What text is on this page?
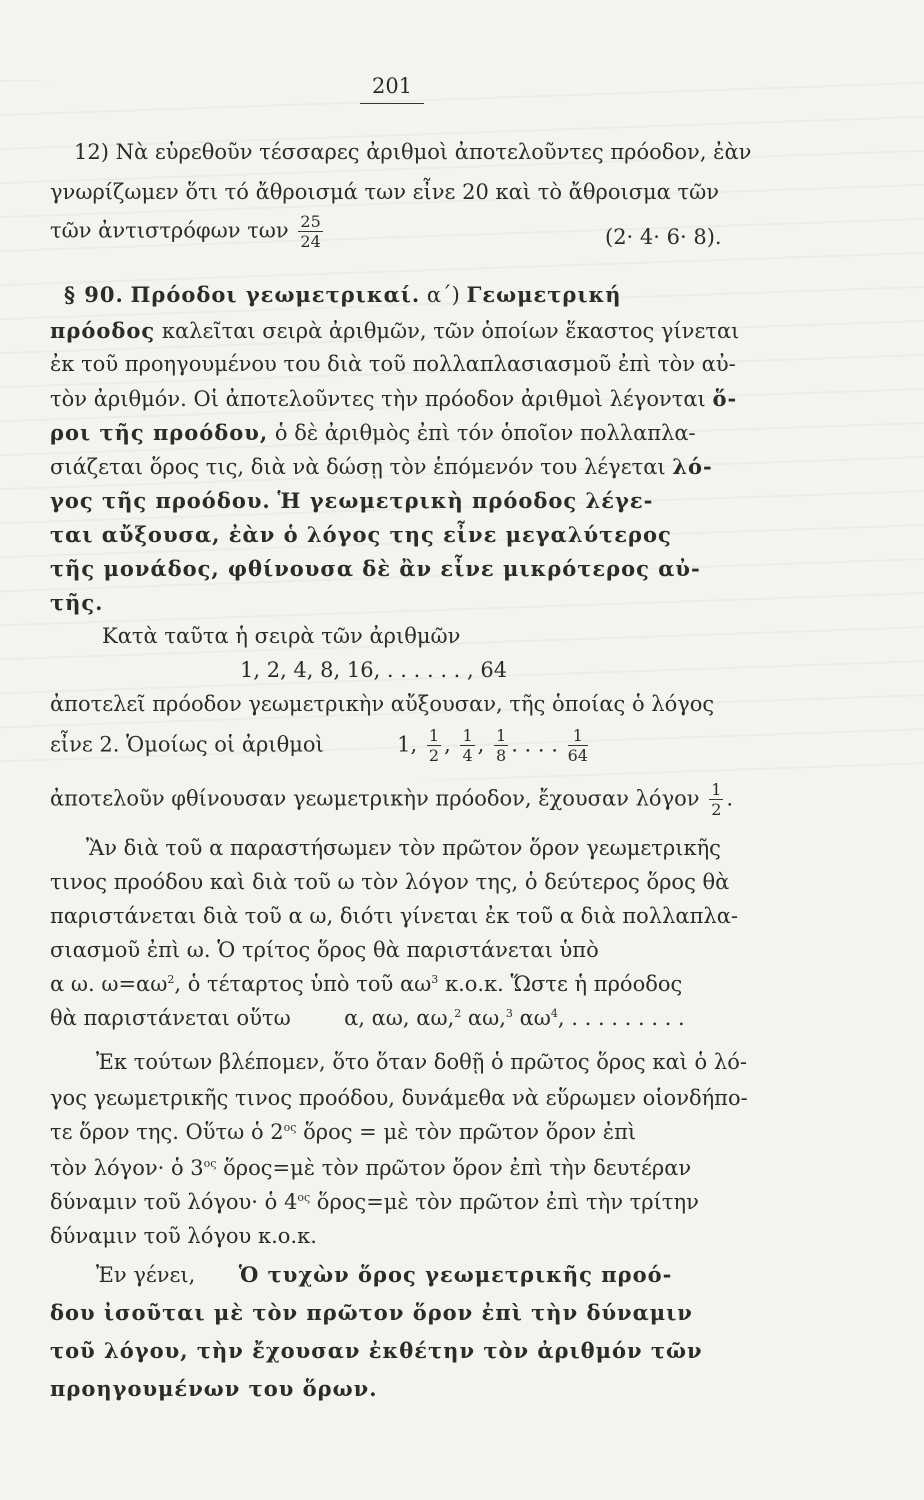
201
12) Νὰ εὑρεθοῦν τέσσαρες ἀριθμοὶ ἀποτελοῦντες πρόοδον, ἐὰν
γνωρίζωμεν ὅτι τό ἄθροισμά των εἶνε 20 καὶ τὸ ἄθροισμα τῶν
τῶν ἀντιστρόφων των $\frac{25}{24}$	(2· 4· 6· 8).
§ 90. Πρόοδοι γεωμετρικαί. α΄) Γεωμετρική
πρόοδος καλεῖται σειρὰ ἀριθμῶν, τῶν ὁποίων ἕκαστος γίνεται
ἐκ τοῦ προηγουμένου του διὰ τοῦ πολλαπλασιασμοῦ ἐπὶ τὸν αὐ-
τὸν ἀριθμόν. Οἱ ἀποτελοῦντες τὴν πρόοδον ἀριθμοὶ λέγονται ὅ-
ροι τῆς προόδου, ὁ δὲ ἀριθμὸς ἐπὶ τόν ὁποῖον πολλαπλα-
σιάζεται ὅρος τις, διὰ νὰ δώσῃ τὸν ἑπόμενόν του λέγεται λό-
γος τῆς προόδου. Ἡ γεωμετρικὴ πρόοδος λέγε-
ται αὔξουσα, ἐὰν ὁ λόγος της εἶνε μεγαλύτερος
τῆς μονάδος, φθίνουσα δὲ ἂν εἶνε μικρότερος αὐ-
τῆς.
Κατὰ ταῦτα ἡ σειρὰ τῶν ἀριθμῶν
1, 2, 4, 8, 16, . . . . . . , 64
ἀποτελεῖ πρόοδον γεωμετρικὴν αὔξουσαν, τῆς ὁποίας ὁ λόγος
εἶνε 2. Ὁμοίως οἱ ἀριθμοὶ	1, $\frac{1}{2}$ , $\frac{1}{4}$ , $\frac{1}{8}$ . . . . $\frac{1}{64}$
ἀποτελοῦν φθίνουσαν γεωμετρικὴν πρόοδον, ἔχουσαν λόγον $\frac{1}{2}$ .
Ἂν διὰ τοῦ α παραστήσωμεν τὸν πρῶτον ὅρον γεωμετρικῆς
τινος προόδου καὶ διὰ τοῦ ω τὸν λόγον της, ὁ δεύτερος ὅρος θὰ
παριστάνεται διὰ τοῦ α ω, διότι γίνεται ἐκ τοῦ α διὰ πολλαπλα-
σιασμοῦ ἐπὶ ω. Ὁ τρίτος ὅρος θὰ παριστάνεται ὑπὸ
α ω. $\omega=\alpha\omega^2$, ὁ τέταρτος ὑπὸ τοῦ $\alpha\omega^3$ κ.ο.κ. Ὥστε ἡ πρόοδος
θὰ παριστάνεται οὕτω	α, αω, αω,$^2$ αω,$^3$ $\alpha\omega^4$, . . . . . . . . .
Ἐκ τούτων βλέπομεν, ὅτο ὅταν δοθῇ ὁ πρῶτος ὅρος καὶ ὁ λό-
γος γεωμετρικῆς τινος προόδου, δυνάμεθα νὰ εὕρωμεν οἱονδήπο-
τε ὅρον της. Οὕτω ὁ $2^{o\varsigma}$ ὅρος = μὲ τὸν πρῶτον ὅρον ἐπὶ
τὸν λόγον· ὁ $3^{o\varsigma}$ ὅρος=μὲ τὸν πρῶτον ὅρον ἐπὶ τὴν δευτέραν
δύναμιν τοῦ λόγου· ὁ $4^{o\varsigma}$ ὅρος=μὲ τὸν πρῶτον ἐπὶ τὴν τρίτην
δύναμιν τοῦ λόγου κ.ο.κ.
Ἐν γένει, Ὁ τυχὼν ὅρος γεωμετρικῆς προό-
δου ἰσοῦται μὲ τὸν πρῶτον ὅρον ἐπὶ τὴν δύναμιν
τοῦ λόγου, τὴν ἔχουσαν ἐκθέτην τὸν ἀριθμόν τῶν
προηγουμένων του ὅρων.
